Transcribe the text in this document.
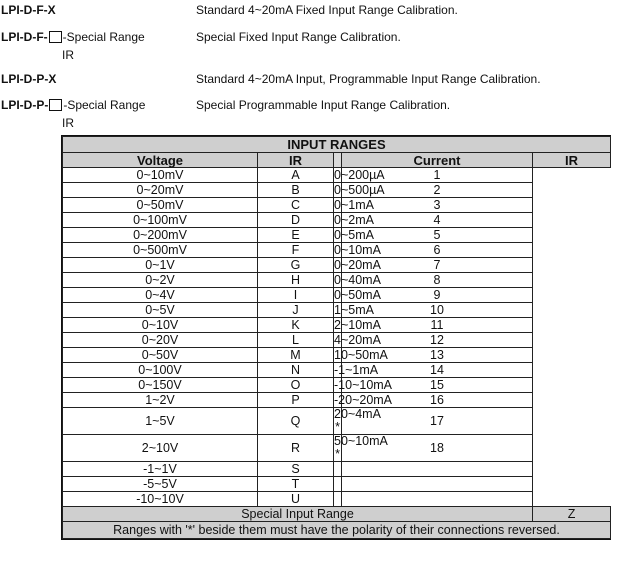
LPI-D-F-X	Standard 4~20mA Fixed Input Range Calibration.
LPI-D-F- -Special Range	Special Fixed Input Range Calibration.
IR
LPI-D-P-X	Standard 4~20mA Input, Programmable Input Range Calibration.
LPI-D-P- -Special Range	Special Programmable Input Range Calibration.
IR
INPUT RANGES				
Voltage	IR		Current	IR
0~10mV	A	0~200µA	1	
0~20mV	B	0~500µA	2	
0~50mV	C	0~1mA	3	
0~100mV	D	0~2mA	4	
0~200mV	E	0~5mA	5	
0~500mV	F	0~10mA	6	
0~1V	G	0~20mA	7	
0~2V	H	0~40mA	8	
0~4V	I	0~50mA	9	
0~5V	J	1~5mA	10	
0~10V	K	2~10mA	11	
0~20V	L	4~20mA	12	
0~50V	M	10~50mA	13	
0~100V	N	-1~1mA	14	
0~150V	O	-10~10mA	15	
1~2V	P	-20~20mA	16	
1~5V	Q	20~4mA *	17	
2~10V	R	50~10mA *	18	
-1~1V	S			
-5~5V	T			
-10~10V	U			
Special Input Range				Z
Ranges with '*' beside them must have the polarity of their connections reversed.				
